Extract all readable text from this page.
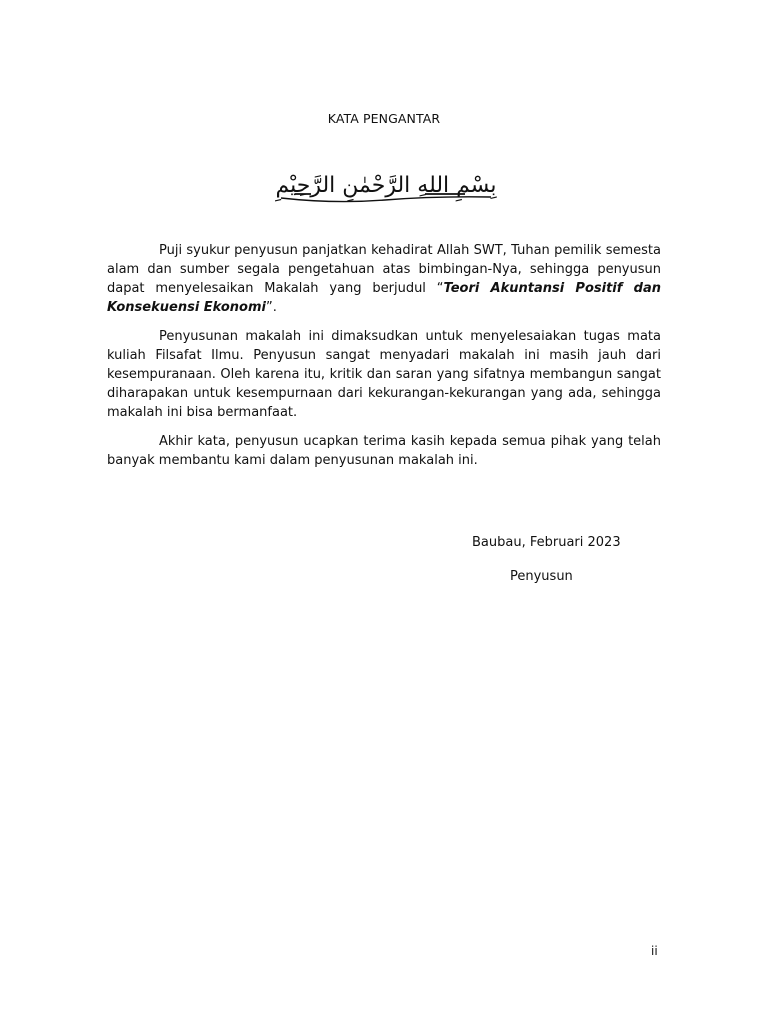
KATA PENGANTAR
بِسْمِ اللهِ الرَّحْمٰنِ الرَّحِيْمِ

Puji syukur penyusun panjatkan kehadirat Allah SWT, Tuhan pemilik semesta alam dan sumber segala pengetahuan atas bimbingan-Nya, sehingga penyusun dapat menyelesaikan Makalah yang berjudul “Teori Akuntansi Positif dan Konsekuensi Ekonomi”.

Penyusunan makalah ini dimaksudkan untuk menyelesaiakan tugas mata kuliah Filsafat Ilmu. Penyusun sangat menyadari makalah ini masih jauh dari kesempuranaan. Oleh karena itu, kritik dan saran yang sifatnya membangun sangat diharapakan untuk kesempurnaan dari kekurangan-kekurangan yang ada, sehingga makalah ini bisa bermanfaat.

Akhir kata, penyusun ucapkan terima kasih kepada semua pihak yang telah banyak membantu kami dalam penyusunan makalah ini.

Baubau, Februari 2023
Penyusun
ii
